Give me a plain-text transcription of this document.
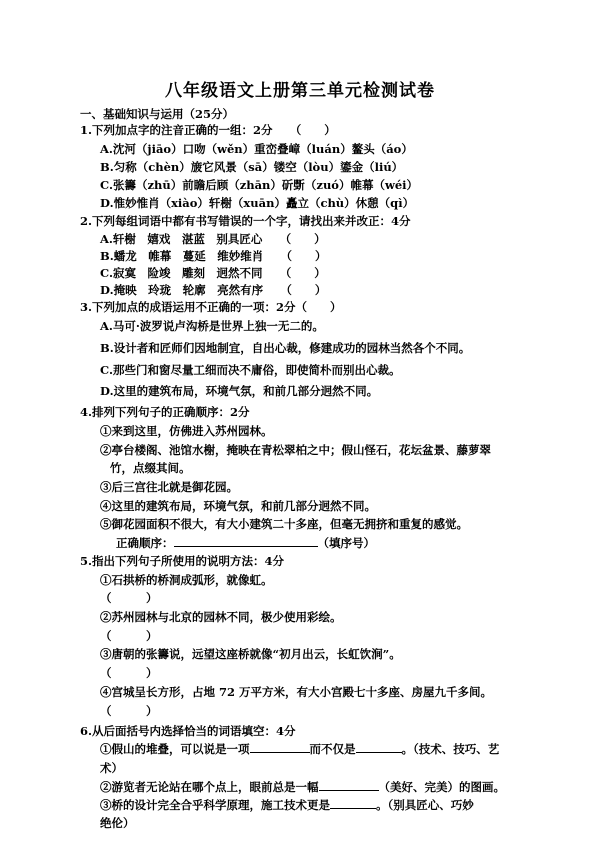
八年级语文上册第三单元检测试卷
一、基础知识与运用（25分）
1.下列加点字的注音正确的一组：2分　　（　　）
A.沈河（jiāo）口吻（wěn）重峦叠嶂（luán）鳌头（áo）
B.匀称（chèn）旇它风景（sā）镂空（lòu）鎏金（liú）
C.张籌（zhū）前瞻后顾（zhān）斫斲（zuó）帷幕（wéi）
D.惟妙惟肖（xiào）轩榭（xuān）矗立（chù）休憩（qì）
2.下列每组词语中都有书写错误的一个字，请找出来并改正：4分
A.轩榭　嬉戏　湛蓝　别具匠心　　（　　）
B.蟠龙　帷幕　蔓延　维妙维肖　　（　　）
C.寂寞　险竣　雕刻　迥然不同　　（　　）
D.掩映　玲珑　轮廓　亮然有序　　（　　）
3.下列加点的成语运用不正确的一项：2分（　　）
A.马可·波罗说卢沟桥是世界上独一无二的。
B.设计者和匠师们因地制宜，自出心裁，修建成功的园林当然各个不同。
C.那些门和窗尽量工细而决不庸俗，即使简朴而别出心裁。
D.这里的建筑布局，环境气氛，和前几部分迥然不同。
4.排列下列句子的正确顺序：2分
①来到这里，仿佛进入苏州园林。
②亭台楼阁、池馆水榭，掩映在青松翠柏之中；假山怪石，花坛盆景、藤萝翠
竹，点缀其间。
③后三宫往北就是御花园。
④这里的建筑布局，环境气氛，和前几部分迥然不同。
⑤御花园面积不很大，有大小建筑二十多座，但毫无拥挤和重复的感觉。
正确顺序：	（填序号）
5.指出下列句子所使用的说明方法：4分
①石拱桥的桥洞成弧形，就像虹。
（　　　）
②苏州园林与北京的园林不同，极少使用彩绘。
（　　　）
③唐朝的张籌说，远望这座桥就像“初月出云，长虹饮涧”。
（　　　）
④宫城呈长方形，占地 72 万平方米，有大小宫殿七十多座、房屋九千多间。
（　　　）
6.从后面括号内选择恰当的词语填空：4分
①假山的堆叠，可以说是一项	而不仅是	。（技术、技巧、艺
术）
②游览者无论站在哪个点上，眼前总是一幅	（美好、完美）的图画。
③桥的设计完全合乎科学原理，施工技术更是	。（别具匠心、巧妙
绝伦）
